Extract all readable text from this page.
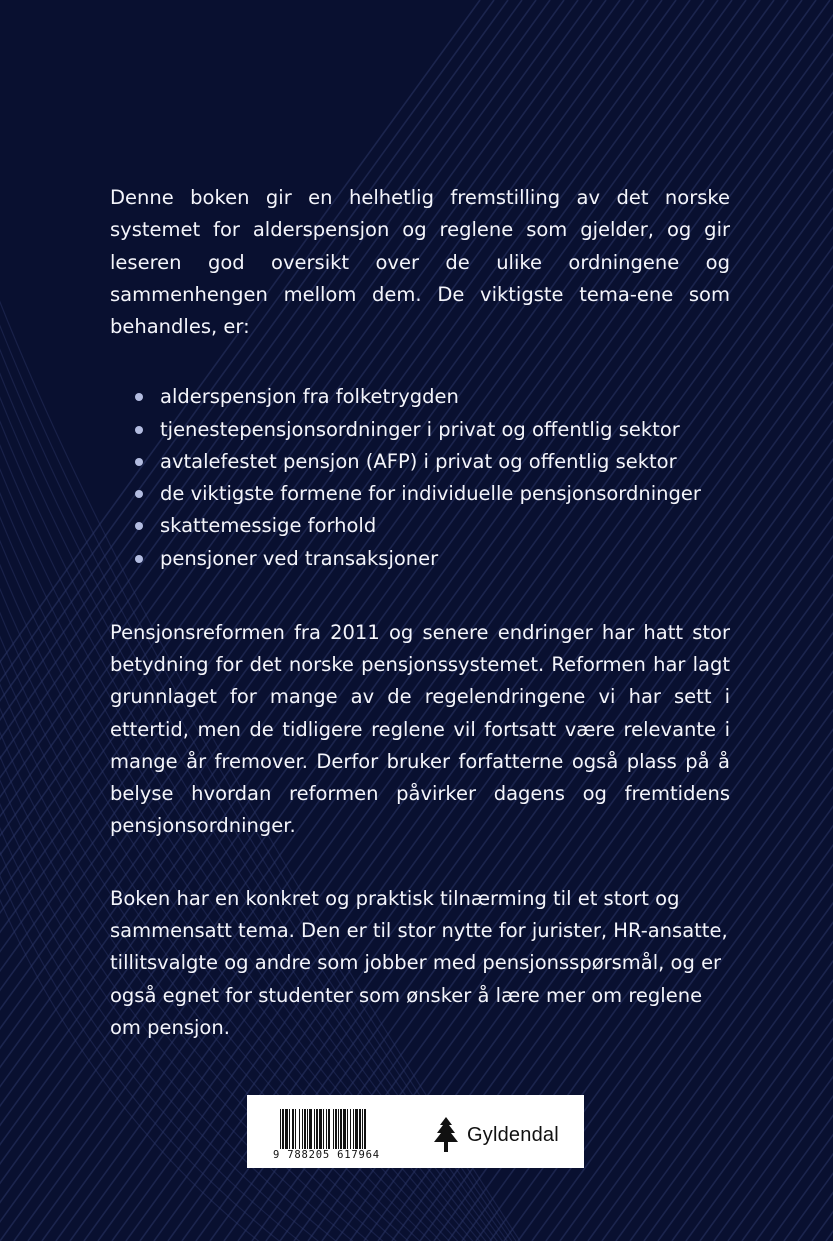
Denne boken gir en helhetlig fremstilling av det norske systemet for alderspensjon og reglene som gjelder, og gir leseren god oversikt over de ulike ordningene og sammenhengen mellom dem. De viktigste tema-ene som behandles, er:

alderspensjon fra folketrygden
tjenestepensjonsordninger i privat og offentlig sektor
avtalefestet pensjon (AFP) i privat og offentlig sektor
de viktigste formene for individuelle pensjonsordninger
skattemessige forhold
pensjoner ved transaksjoner

Pensjonsreformen fra 2011 og senere endringer har hatt stor betydning for det norske pensjonssystemet. Reformen har lagt grunnlaget for mange av de regelendringene vi har sett i ettertid, men de tidligere reglene vil fortsatt være relevante i mange år fremover. Derfor bruker forfatterne også plass på å belyse hvordan reformen påvirker dagens og fremtidens pensjonsordninger.

Boken har en konkret og praktisk tilnærming til et stort og sammensatt tema. Den er til stor nytte for jurister, HR-ansatte, tillitsvalgte og andre som jobber med pensjonsspørsmål, og er også egnet for studenter som ønsker å lære mer om reglene om pensjon.

9 788205 617964
Gyldendal
